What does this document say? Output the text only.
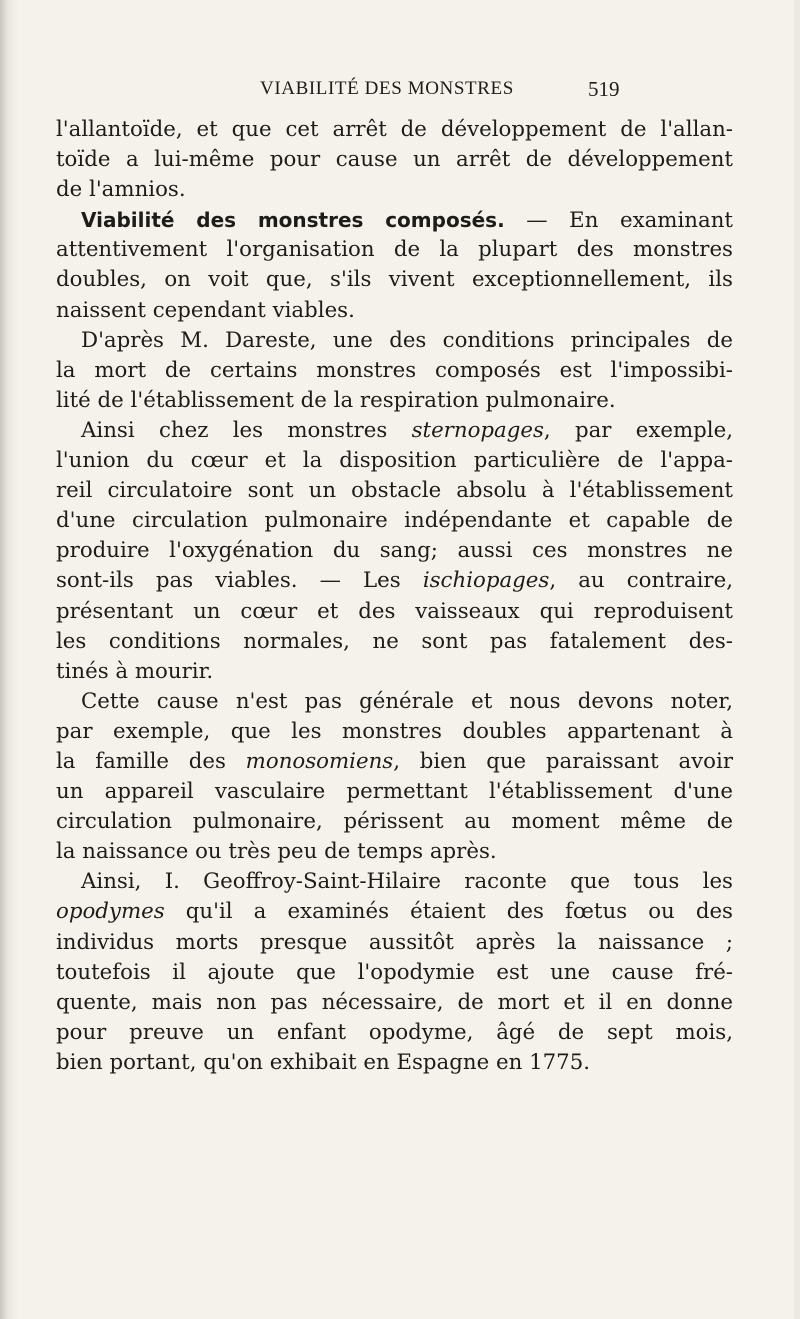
VIABILITÉ DES MONSTRES	519
l'allantoïde, et que cet arrêt de développement de l'allan-
toïde a lui-même pour cause un arrêt de développement
de l'amnios.
Viabilité des monstres composés. — En examinant
attentivement l'organisation de la plupart des monstres
doubles, on voit que, s'ils vivent exceptionnellement, ils
naissent cependant viables.
D'après M. Dareste, une des conditions principales de
la mort de certains monstres composés est l'impossibi-
lité de l'établissement de la respiration pulmonaire.
Ainsi chez les monstres sternopages, par exemple,
l'union du cœur et la disposition particulière de l'appa-
reil circulatoire sont un obstacle absolu à l'établissement
d'une circulation pulmonaire indépendante et capable de
produire l'oxygénation du sang; aussi ces monstres ne
sont-ils pas viables. — Les ischiopages, au contraire,
présentant un cœur et des vaisseaux qui reproduisent
les conditions normales, ne sont pas fatalement des-
tinés à mourir.
Cette cause n'est pas générale et nous devons noter,
par exemple, que les monstres doubles appartenant à
la famille des monosomiens, bien que paraissant avoir
un appareil vasculaire permettant l'établissement d'une
circulation pulmonaire, périssent au moment même de
la naissance ou très peu de temps après.
Ainsi, I. Geoffroy-Saint-Hilaire raconte que tous les
opodymes qu'il a examinés étaient des fœtus ou des
individus morts presque aussitôt après la naissance ;
toutefois il ajoute que l'opodymie est une cause fré-
quente, mais non pas nécessaire, de mort et il en donne
pour preuve un enfant opodyme, âgé de sept mois,
bien portant, qu'on exhibait en Espagne en 1775.
